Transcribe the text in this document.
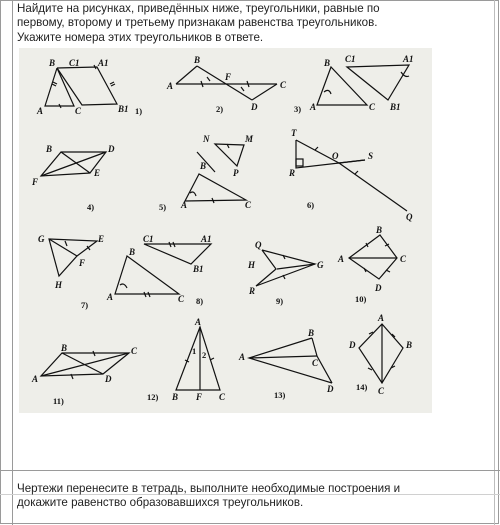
Найдите на рисунках, приведённых ниже, треугольники, равные по
первому, второму и третьему признакам равенства треугольников.
Укажите номера этих треугольников в ответе.
B C1 A1
A	C	B1 1)
B
A
F
C
D
2)
B C1	A1
A	C B1
3)
B	D
E
F
4)
N	M
B
P
A	C
5)
T
O	S
R
Q
6)
G	E
F
H
7)
C1	A1
B
B1
A	C 8)
Q
H	G
R
9)
B
A	C
D
10)
B	C
A	D
11)
A
1 2
B F C
12)
B
A
C
D
13)
A
D	B
C
14)
Чертежи перенесите в тетрадь, выполните необходимые построения и
докажите равенство образовавшихся треугольников.
